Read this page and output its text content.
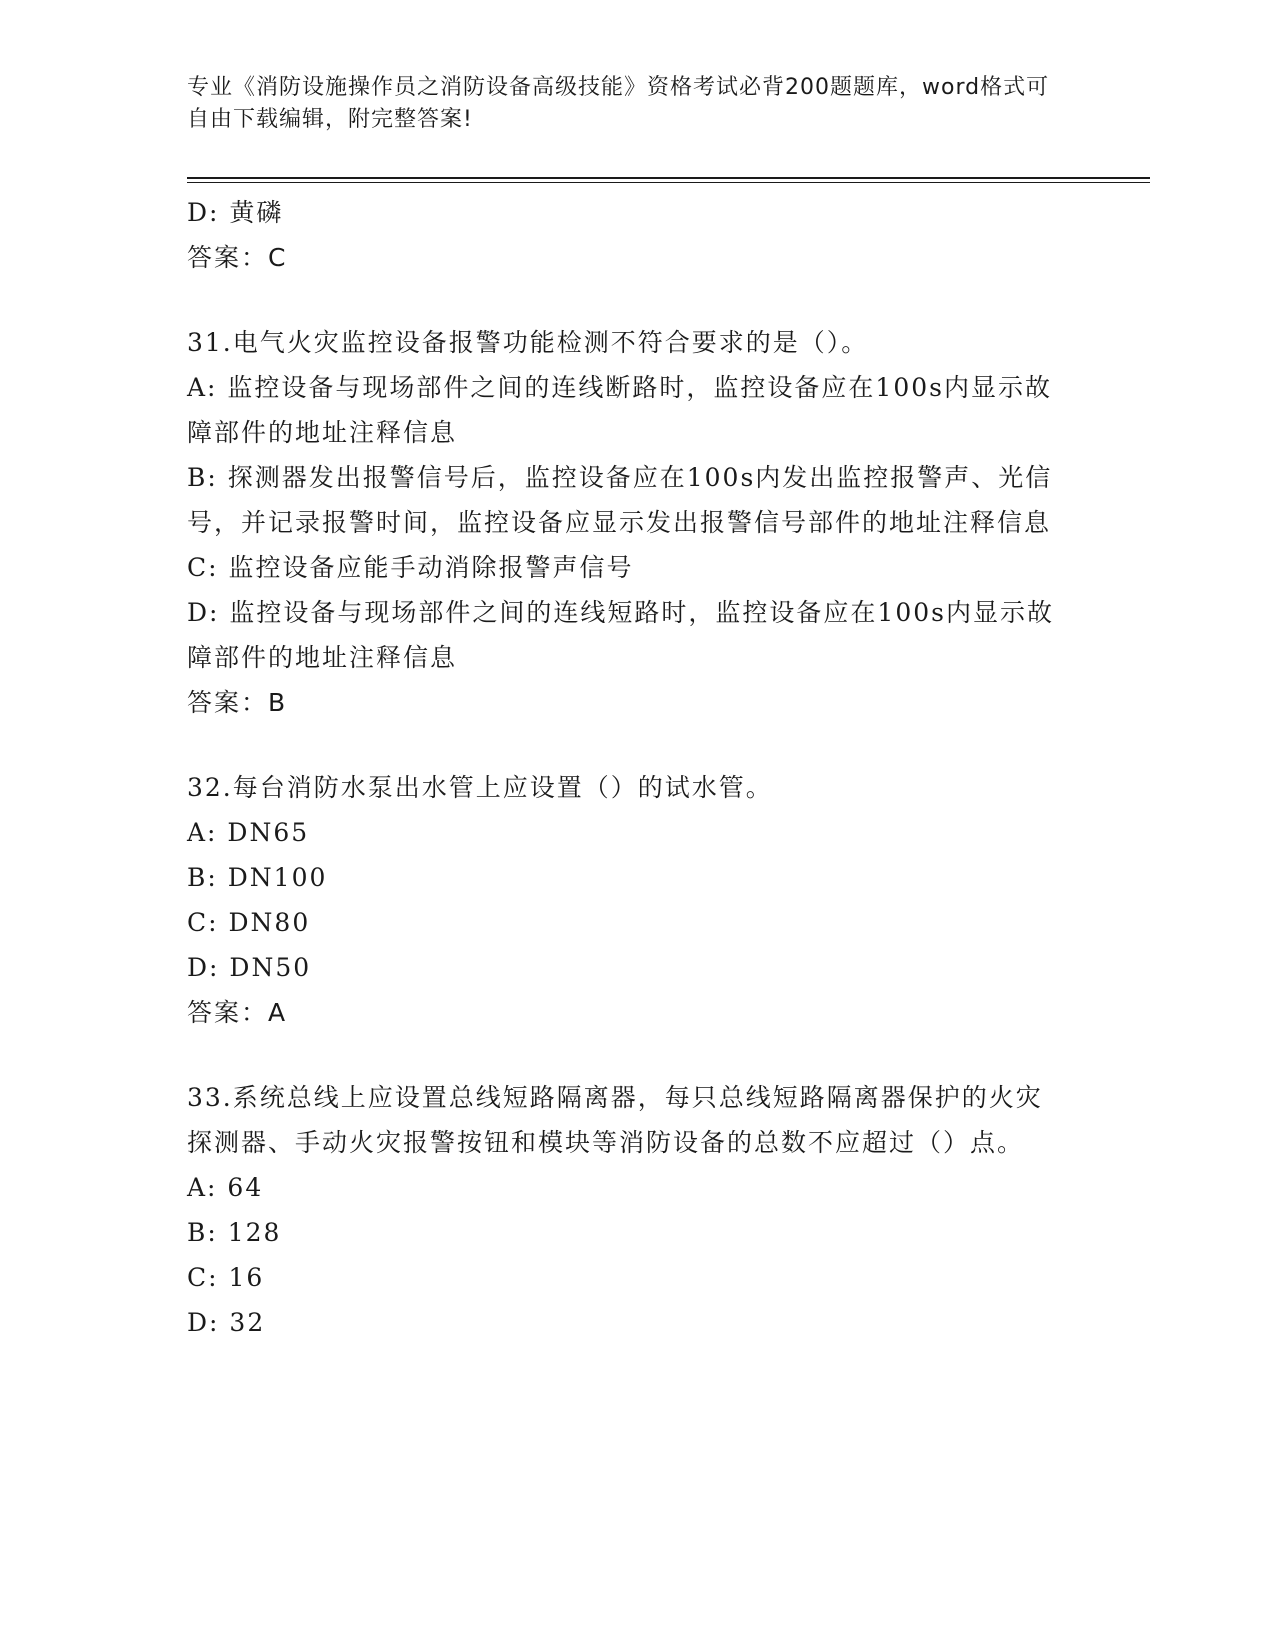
专业《消防设施操作员之消防设备高级技能》资格考试必背200题题库，word格式可自由下载编辑，附完整答案!

D: 黄磷

答案：C

31.电气火灾监控设备报警功能检测不符合要求的是（）。

A: 监控设备与现场部件之间的连线断路时，监控设备应在100s内显示故障部件的地址注释信息

B: 探测器发出报警信号后，监控设备应在100s内发出监控报警声、光信号，并记录报警时间，监控设备应显示发出报警信号部件的地址注释信息

C: 监控设备应能手动消除报警声信号

D: 监控设备与现场部件之间的连线短路时，监控设备应在100s内显示故障部件的地址注释信息

答案：B

32.每台消防水泵出水管上应设置（）的试水管。

A: DN65

B: DN100

C: DN80

D: DN50

答案：A

33.系统总线上应设置总线短路隔离器，每只总线短路隔离器保护的火灾探测器、手动火灾报警按钮和模块等消防设备的总数不应超过（）点。

A: 64

B: 128

C: 16

D: 32
